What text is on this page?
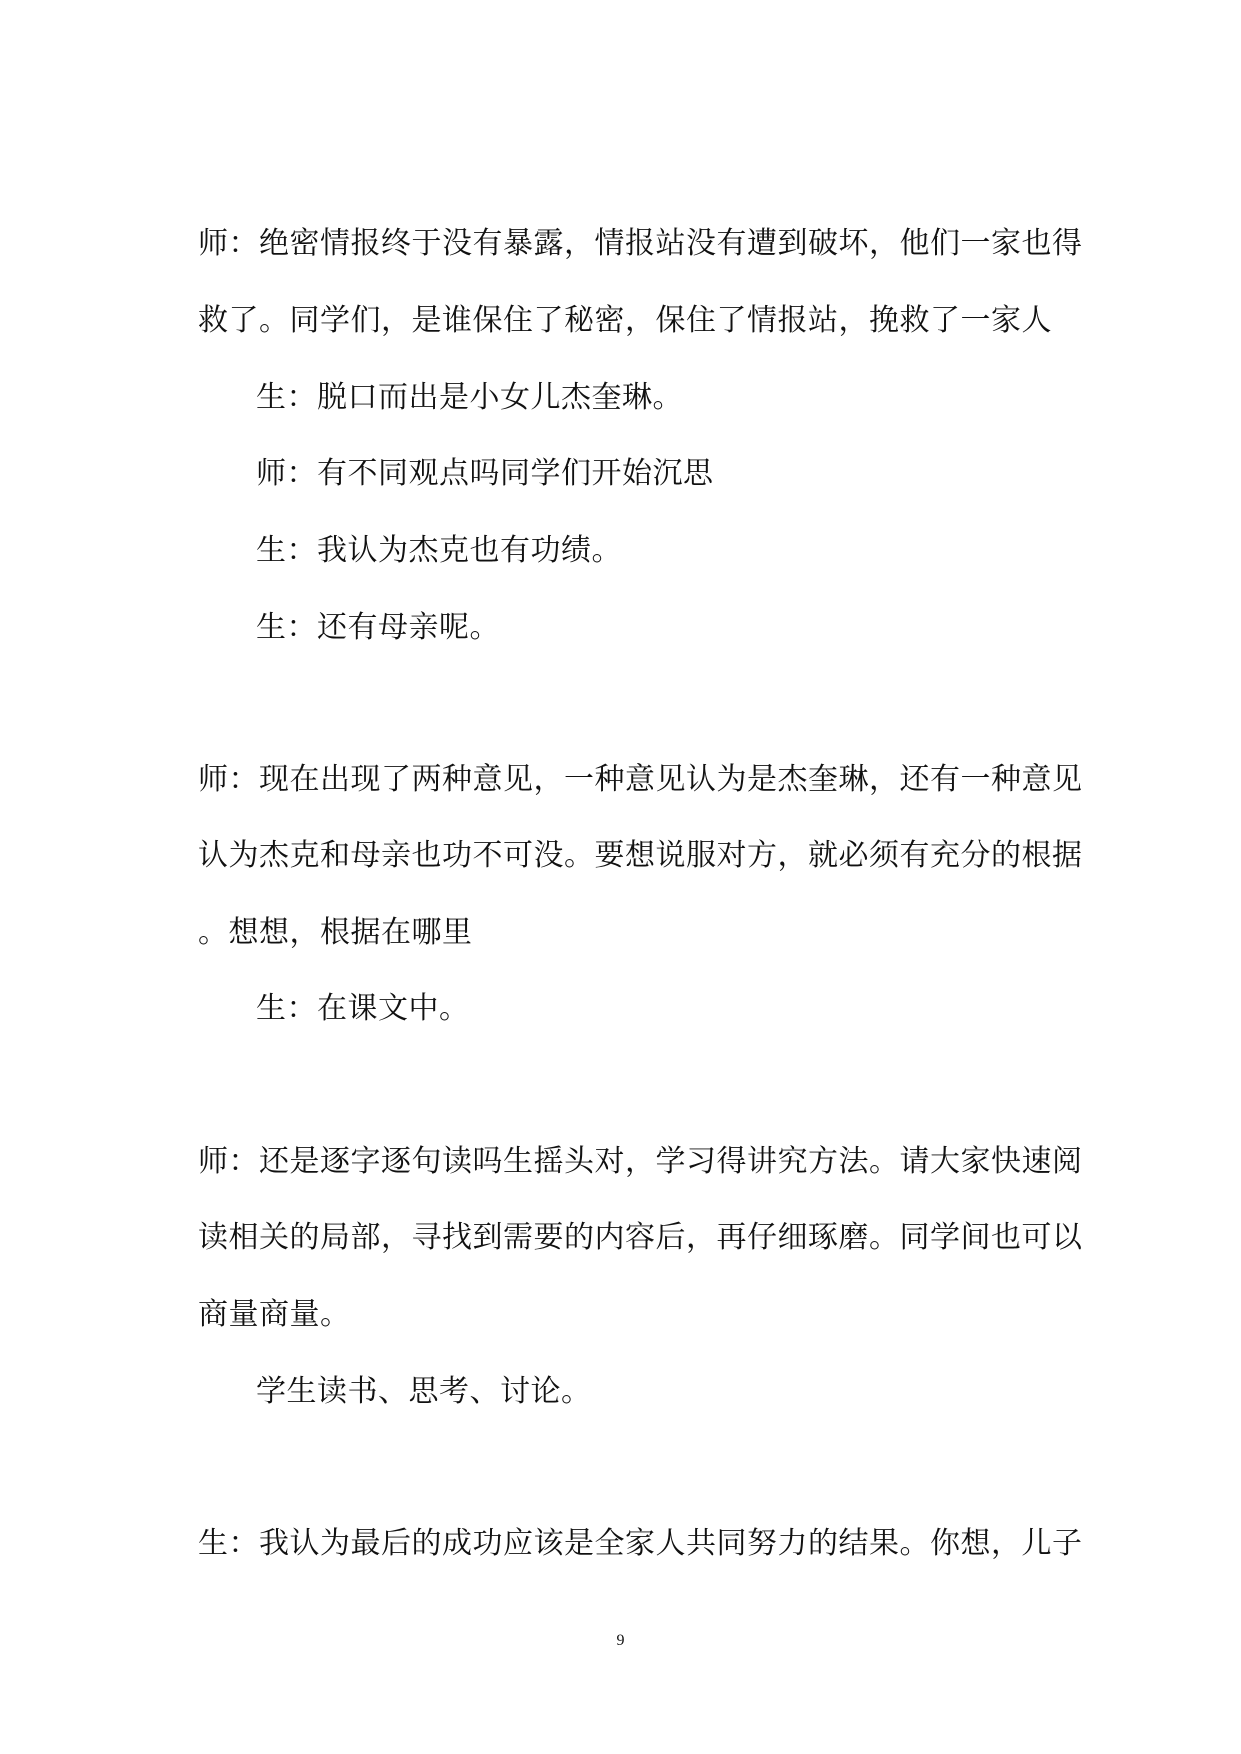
师：绝密情报终于没有暴露，情报站没有遭到破坏，他们一家也得
救了。同学们，是谁保住了秘密，保住了情报站，挽救了一家人
生：脱口而出是小女儿杰奎琳。
师：有不同观点吗同学们开始沉思
生：我认为杰克也有功绩。
生：还有母亲呢。
师：现在出现了两种意见，一种意见认为是杰奎琳，还有一种意见
认为杰克和母亲也功不可没。要想说服对方，就必须有充分的根据
。想想，根据在哪里
生：在课文中。
师：还是逐字逐句读吗生摇头对，学习得讲究方法。请大家快速阅
读相关的局部，寻找到需要的内容后，再仔细琢磨。同学间也可以
商量商量。
学生读书、思考、讨论。
生：我认为最后的成功应该是全家人共同努力的结果。你想，儿子
9
